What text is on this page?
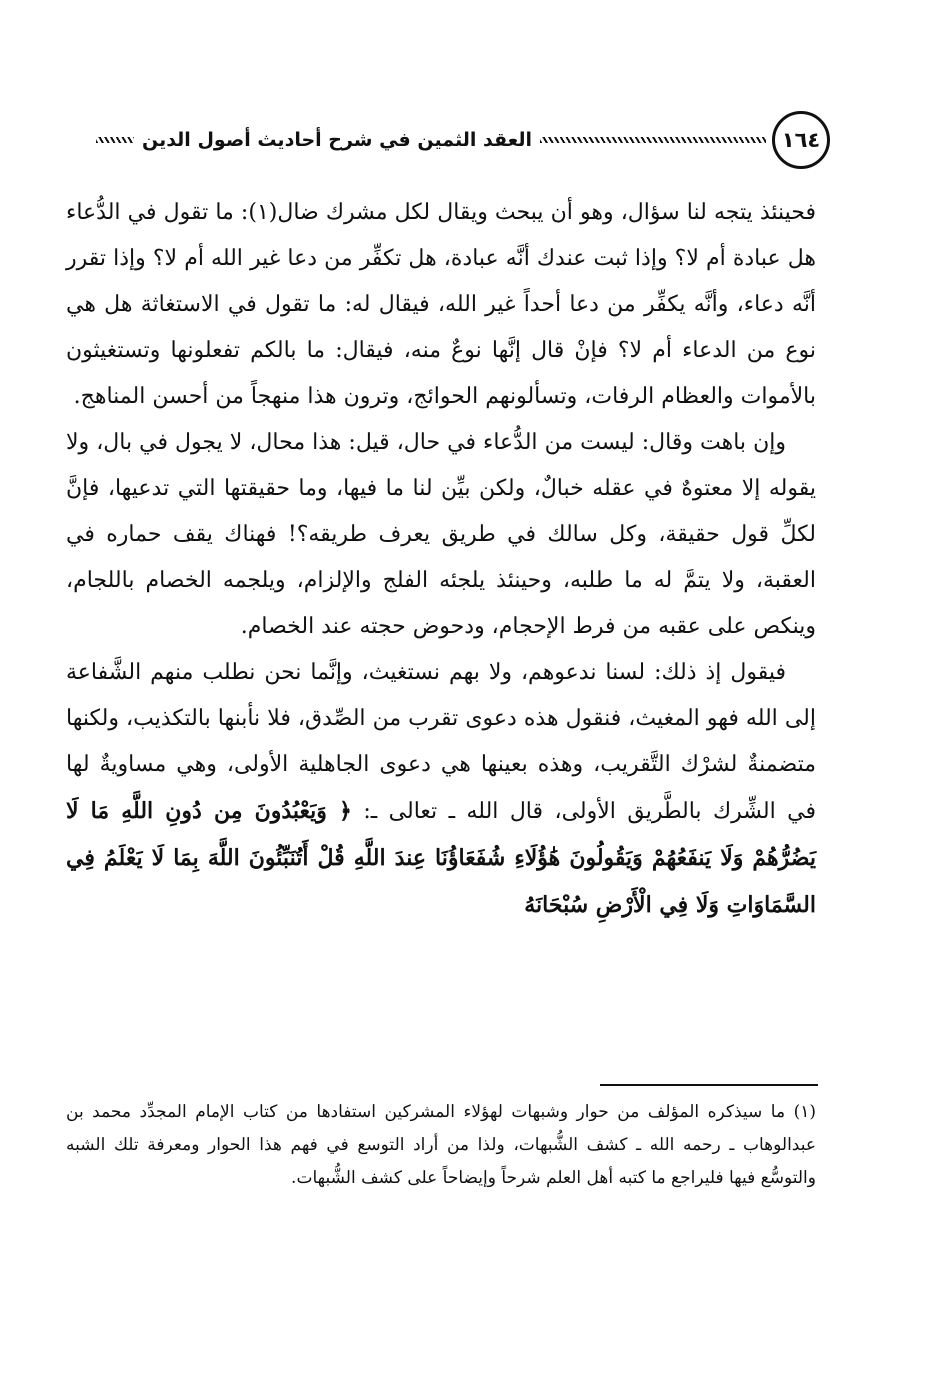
١٦٤
العقد الثمين في شرح أحاديث أصول الدين

فحينئذ يتجه لنا سؤال، وهو أن يبحث ويقال لكل مشرك ضال(١): ما تقول في الدُّعاء هل عبادة أم لا؟ وإذا ثبت عندك أنَّه عبادة، هل تكفِّر من دعا غير الله أم لا؟ وإذا تقرر أنَّه دعاء، وأنَّه يكفِّر من دعا أحداً غير الله، فيقال له: ما تقول في الاستغاثة هل هي نوع من الدعاء أم لا؟ فإنْ قال إنَّها نوعٌ منه، فيقال: ما بالكم تفعلونها وتستغيثون بالأموات والعظام الرفات، وتسألونهم الحوائج، وترون هذا منهجاً من أحسن المناهج.

وإن باهت وقال: ليست من الدُّعاء في حال، قيل: هذا محال، لا يجول في بال، ولا يقوله إلا معتوهٌ في عقله خبالٌ، ولكن بيِّن لنا ما فيها، وما حقيقتها التي تدعيها، فإنَّ لكلِّ قول حقيقة، وكل سالك في طريق يعرف طريقه؟! فهناك يقف حماره في العقبة، ولا يتمَّ له ما طلبه، وحينئذ يلجئه الفلج والإلزام، ويلجمه الخصام باللجام، وينكص على عقبه من فرط الإحجام، ودحوض حجته عند الخصام.

فيقول إذ ذلك: لسنا ندعوهم، ولا بهم نستغيث، وإنَّما نحن نطلب منهم الشَّفاعة إلى الله فهو المغيث، فنقول هذه دعوى تقرب من الصِّدق، فلا نأبنها بالتكذيب، ولكنها متضمنةٌ لشرْك التَّقريب، وهذه بعينها هي دعوى الجاهلية الأولى، وهي مساويةٌ لها في الشِّرك بالطَّريق الأولى، قال الله ـ تعالى ـ: ﴿ وَيَعْبُدُونَ مِن دُونِ اللَّهِ مَا لَا يَضُرُّهُمْ وَلَا يَنفَعُهُمْ وَيَقُولُونَ هَٰؤُلَاءِ شُفَعَاؤُنَا عِندَ اللَّهِ قُلْ أَتُنَبِّئُونَ اللَّهَ بِمَا لَا يَعْلَمُ فِي السَّمَاوَاتِ وَلَا فِي الْأَرْضِ سُبْحَانَهُ

(١) ما سيذكره المؤلف من حوار وشبهات لهؤلاء المشركين استفادها من كتاب الإمام المجدِّد محمد بن عبدالوهاب ـ رحمه الله ـ كشف الشُّبهات، ولذا من أراد التوسع في فهم هذا الحوار ومعرفة تلك الشبه والتوسُّع فيها فليراجع ما كتبه أهل العلم شرحاً وإيضاحاً على كشف الشُّبهات.
